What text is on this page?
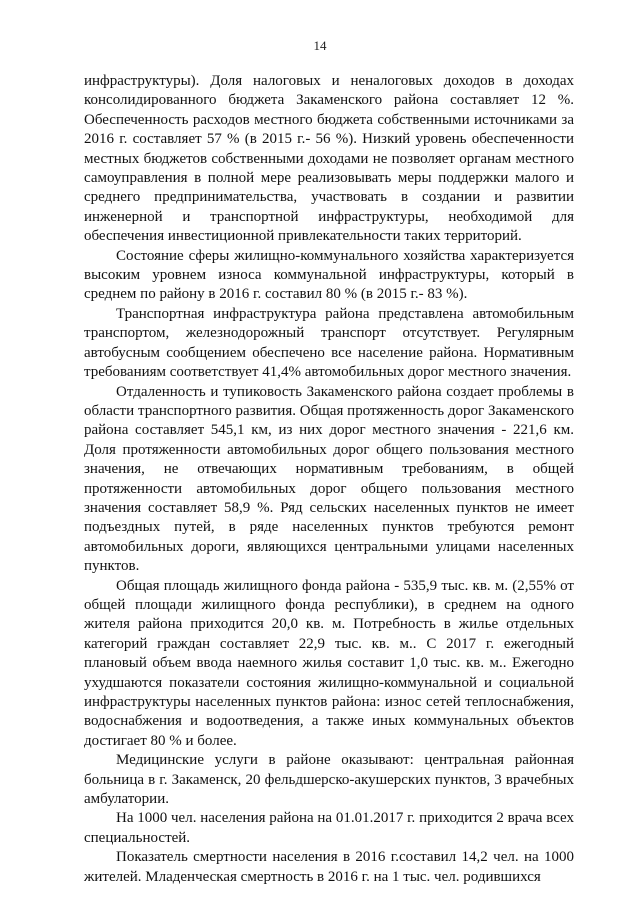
14

инфраструктуры). Доля налоговых и неналоговых доходов в доходах консолидированного бюджета Закаменского района составляет 12 %. Обеспеченность расходов местного бюджета собственными источниками за 2016 г. составляет 57 % (в 2015 г.- 56 %). Низкий уровень обеспеченности местных бюджетов собственными доходами не позволяет органам местного самоуправления в полной мере реализовывать меры поддержки малого и среднего предпринимательства, участвовать в создании и развитии инженерной и транспортной инфраструктуры, необходимой для обеспечения инвестиционной привлекательности таких территорий.

Состояние сферы жилищно-коммунального хозяйства характеризуется высоким уровнем износа коммунальной инфраструктуры, который в среднем по району в 2016 г. составил 80 % (в 2015 г.- 83 %).

Транспортная инфраструктура района представлена автомобильным транспортом, железнодорожный транспорт отсутствует. Регулярным автобусным сообщением обеспечено все население района. Нормативным требованиям соответствует 41,4% автомобильных дорог местного значения.

Отдаленность и тупиковость Закаменского района создает проблемы в области транспортного развития. Общая протяженность дорог Закаменского района составляет 545,1 км, из них дорог местного значения - 221,6 км. Доля протяженности автомобильных дорог общего пользования местного значения, не отвечающих нормативным требованиям, в общей протяженности автомобильных дорог общего пользования местного значения составляет 58,9 %. Ряд сельских населенных пунктов не имеет подъездных путей, в ряде населенных пунктов требуются ремонт автомобильных дороги, являющихся центральными улицами населенных пунктов.

Общая площадь жилищного фонда района - 535,9 тыс. кв. м. (2,55% от общей площади жилищного фонда республики), в среднем на одного жителя района приходится 20,0 кв. м. Потребность в жилье отдельных категорий граждан составляет 22,9 тыс. кв. м.. С 2017 г. ежегодный плановый объем ввода наемного жилья составит 1,0 тыс. кв. м.. Ежегодно ухудшаются показатели состояния жилищно-коммунальной и социальной инфраструктуры населенных пунктов района: износ сетей теплоснабжения, водоснабжения и водоотведения, а также иных коммунальных объектов достигает 80 % и более.

Медицинские услуги в районе оказывают: центральная районная больница в г. Закаменск, 20 фельдшерско-акушерских пунктов, 3 врачебных амбулатории.

На 1000 чел. населения района на 01.01.2017 г. приходится 2 врача всех специальностей.

Показатель смертности населения в 2016 г.составил 14,2 чел. на 1000 жителей. Младенческая смертность в 2016 г. на 1 тыс. чел. родившихся
